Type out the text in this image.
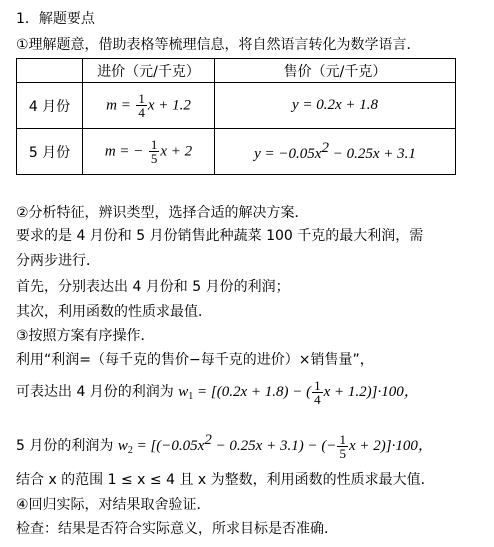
1．解题要点
①理解题意，借助表格等梳理信息，将自然语言转化为数学语言．
	进价（元/千克）	售价（元/千克）
4 月份	$m = \frac{1}{4}$ x + 1.2	y = 0.2x + 1.8
5 月份	m = − $\frac{1}{5}$ x + 2	$y = -0.05x^2 - 0.25x + 3.1$
②分析特征，辨识类型，选择合适的解决方案．
要求的是 4 月份和 5 月份销售此种蔬菜 100 千克的最大利润，需
分两步进行．
首先，分别表达出 4 月份和 5 月份的利润；
其次，利用函数的性质求最值．
③按照方案有序操作．
利用“利润=（每千克的售价−每千克的进价）×销售量”，
可表达出 4 月份的利润为 $w_1 = [(0.2x + 1.8)$ − ( $\frac{1}{4}$ x + 1.2)]·100，
5 月份的利润为 $w_2 = [(-0.05x^2 - 0.25x + 3.1)$ − (− $\frac{1}{5}$ x + 2)]·100，
结合 x 的范围 1 ≤ x ≤ 4 且 x 为整数，利用函数的性质求最大值．
④回归实际，对结果取舍验证．
检查：结果是否符合实际意义，所求目标是否准确．
